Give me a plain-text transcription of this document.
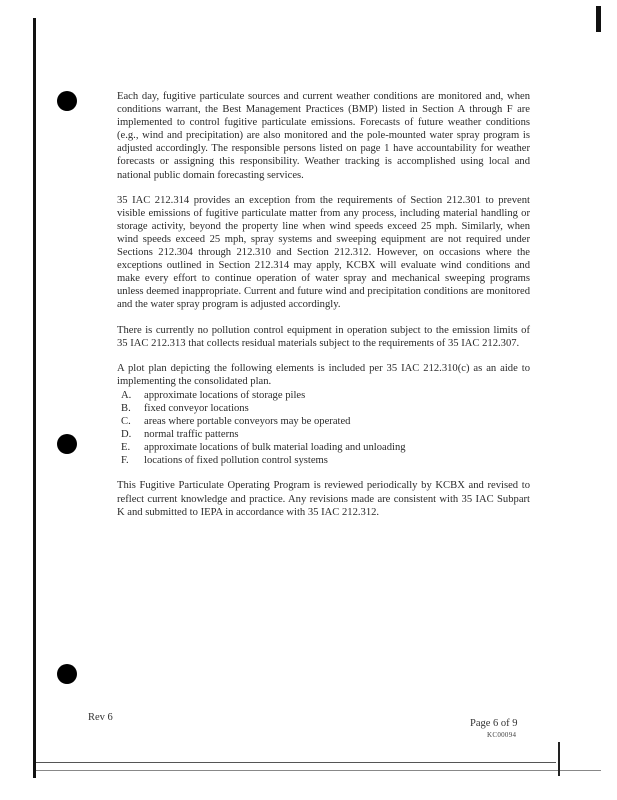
Each day, fugitive particulate sources and current weather conditions are monitored and, when conditions warrant, the Best Management Practices (BMP) listed in Section A through F are implemented to control fugitive particulate emissions. Forecasts of future weather conditions (e.g., wind and precipitation) are also monitored and the pole-mounted water spray program is adjusted accordingly. The responsible persons listed on page 1 have accountability for weather forecasts or assigning this responsibility. Weather tracking is accomplished using local and national public domain forecasting services.

35 IAC 212.314 provides an exception from the requirements of Section 212.301 to prevent visible emissions of fugitive particulate matter from any process, including material handling or storage activity, beyond the property line when wind speeds exceed 25 mph. Similarly, when wind speeds exceed 25 mph, spray systems and sweeping equipment are not required under Sections 212.304 through 212.310 and Section 212.312. However, on occasions where the exceptions outlined in Section 212.314 may apply, KCBX will evaluate wind conditions and make every effort to continue operation of water spray and mechanical sweeping programs unless deemed inappropriate. Current and future wind and precipitation conditions are monitored and the water spray program is adjusted accordingly.

There is currently no pollution control equipment in operation subject to the emission limits of 35 IAC 212.313 that collects residual materials subject to the requirements of 35 IAC 212.307.

A plot plan depicting the following elements is included per 35 IAC 212.310(c) as an aide to implementing the consolidated plan.

A.	approximate locations of storage piles
B.	fixed conveyor locations
C.	areas where portable conveyors may be operated
D.	normal traffic patterns
E.	approximate locations of bulk material loading and unloading
F.	locations of fixed pollution control systems

This Fugitive Particulate Operating Program is reviewed periodically by KCBX and revised to reflect current knowledge and practice. Any revisions made are consistent with 35 IAC Subpart K and submitted to IEPA in accordance with 35 IAC 212.312.

Rev 6
Page 6 of 9
KC00094
